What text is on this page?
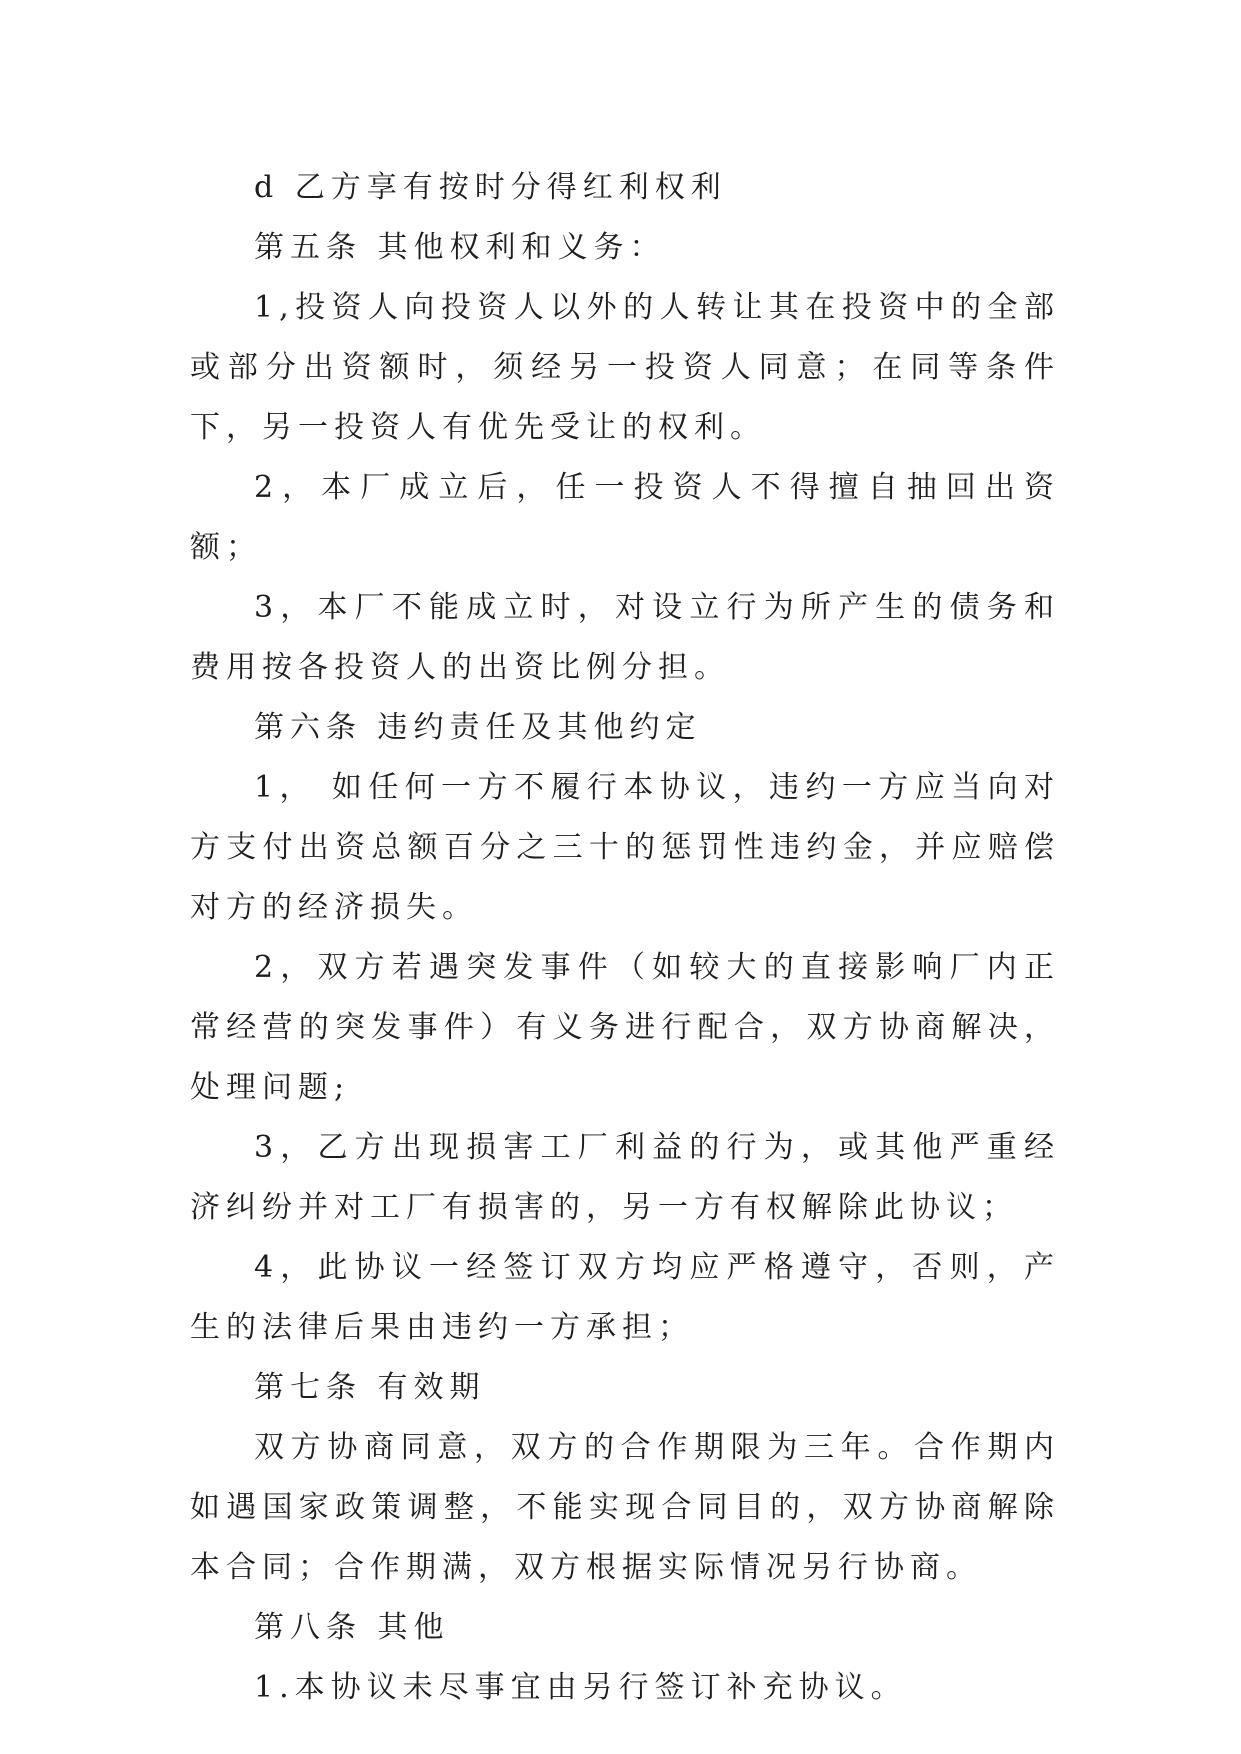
d 乙方享有按时分得红利权利

第五条 其他权利和义务：

1,投资人向投资人以外的人转让其在投资中的全部或部分出资额时，须经另一投资人同意；在同等条件下，另一投资人有优先受让的权利。

2，本厂成立后，任一投资人不得擅自抽回出资额；

3，本厂不能成立时，对设立行为所产生的债务和费用按各投资人的出资比例分担。

第六条 违约责任及其他约定

1， 如任何一方不履行本协议，违约一方应当向对方支付出资总额百分之三十的惩罚性违约金，并应赔偿对方的经济损失。

2，双方若遇突发事件（如较大的直接影响厂内正常经营的突发事件）有义务进行配合，双方协商解决，处理问题;

3，乙方出现损害工厂利益的行为，或其他严重经济纠纷并对工厂有损害的，另一方有权解除此协议；

4，此协议一经签订双方均应严格遵守，否则，产生的法律后果由违约一方承担；

第七条 有效期

双方协商同意，双方的合作期限为三年。合作期内如遇国家政策调整，不能实现合同目的，双方协商解除本合同；合作期满，双方根据实际情况另行协商。

第八条 其他

1.本协议未尽事宜由另行签订补充协议。
